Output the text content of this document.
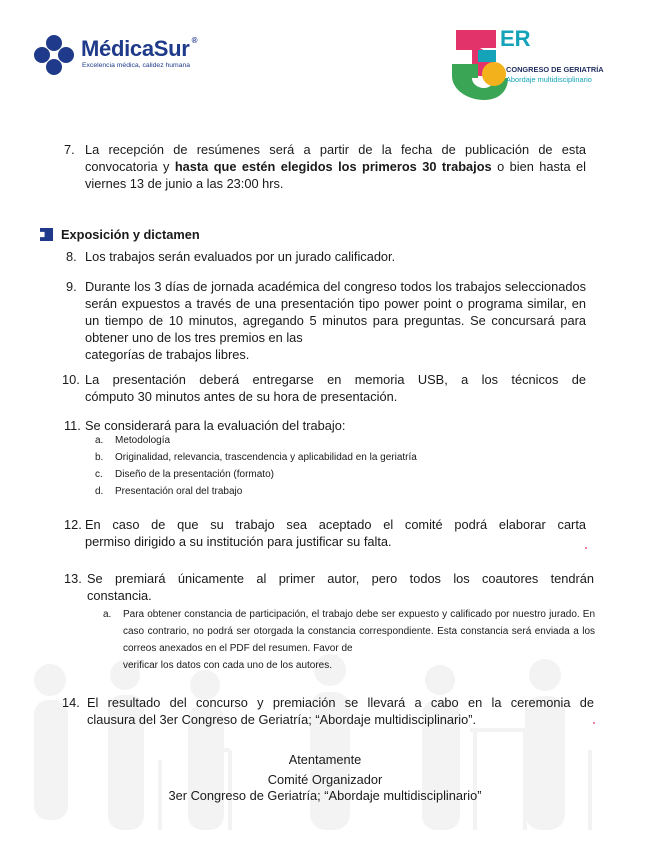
MédicaSur ®
Excelencia médica, calidez humana
ER
CONGRESO DE GERIATRÍA
Abordaje multidisciplinario
7. La recepción de resúmenes será a partir de la fecha de publicación de esta convocatoria y hasta que estén elegidos los primeros 30 trabajos o bien hasta el viernes 13 de junio a las 23:00 hrs.
Exposición y dictamen
8. Los trabajos serán evaluados por un jurado calificador.
9. Durante los 3 días de jornada académica del congreso todos los trabajos seleccionados serán expuestos a través de una presentación tipo power point o programa similar, en un tiempo de 10 minutos, agregando 5 minutos para preguntas. Se concursará para obtener uno de los tres premios en las
categorías de trabajos libres.
10. La presentación deberá entregarse en memoria USB, a los técnicos de
cómputo 30 minutos antes de su hora de presentación.
11. Se considerará para la evaluación del trabajo:
a. Metodología
b. Originalidad, relevancia, trascendencia y aplicabilidad en la geriatría
c. Diseño de la presentación (formato)
d. Presentación oral del trabajo
12. En caso de que su trabajo sea aceptado el comité podrá elaborar carta
permiso dirigido a su institución para justificar su falta.
13. Se premiará únicamente al primer autor, pero todos los coautores tendrán
constancia.
a. Para obtener constancia de participación, el trabajo debe ser expuesto y calificado por nuestro jurado. En caso contrario, no podrá ser otorgada la constancia correspondiente. Esta constancia será enviada a los correos anexados en el PDF del resumen. Favor de
verificar los datos con cada uno de los autores.
14. El resultado del concurso y premiación se llevará a cabo en la ceremonia de
clausura del 3er Congreso de Geriatría; “Abordaje multidisciplinario”.
Atentamente
Comité Organizador
3er Congreso de Geriatría; “Abordaje multidisciplinario”
